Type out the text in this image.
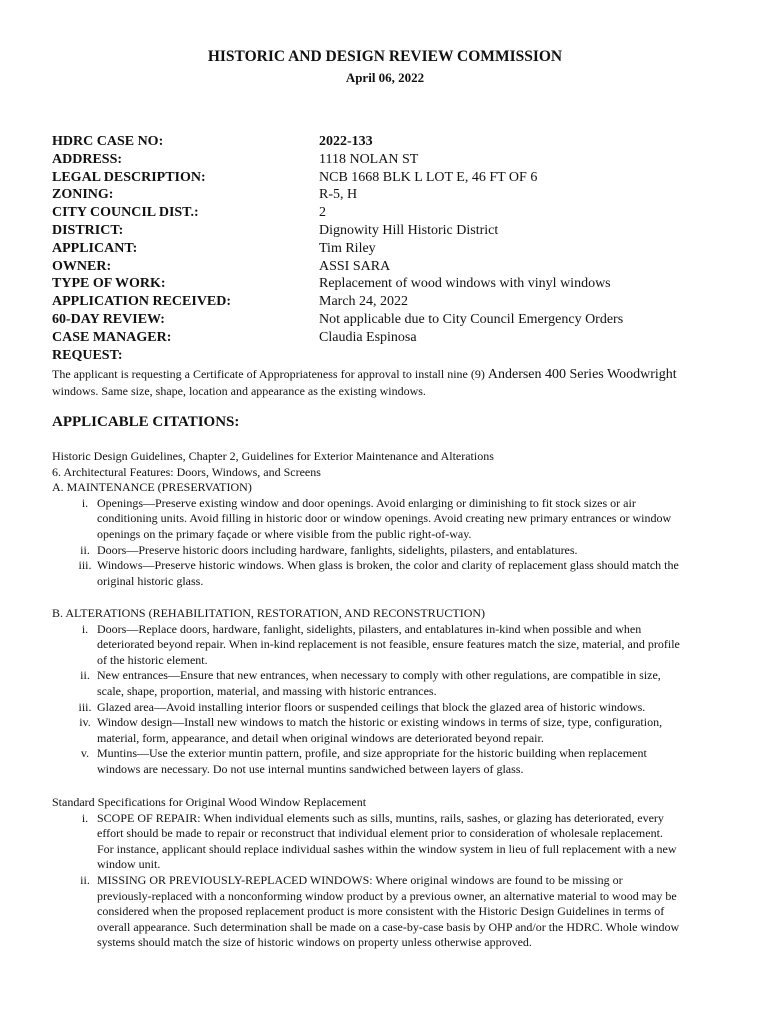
HISTORIC AND DESIGN REVIEW COMMISSION
April 06, 2022
HDRC CASE NO:	2022-133
ADDRESS:	1118 NOLAN ST
LEGAL DESCRIPTION:	NCB 1668 BLK L LOT E, 46 FT OF 6
ZONING:	R-5, H
CITY COUNCIL DIST.:	2
DISTRICT:	Dignowity Hill Historic District
APPLICANT:	Tim Riley
OWNER:	ASSI SARA
TYPE OF WORK:	Replacement of wood windows with vinyl windows
APPLICATION RECEIVED:	March 24, 2022
60-DAY REVIEW:	Not applicable due to City Council Emergency Orders
CASE MANAGER:	Claudia Espinosa
REQUEST:
The applicant is requesting a Certificate of Appropriateness for approval to install nine (9) Andersen 400 Series Woodwright
windows. Same size, shape, location and appearance as the existing windows.
APPLICABLE CITATIONS:
Historic Design Guidelines, Chapter 2, Guidelines for Exterior Maintenance and Alterations
6. Architectural Features: Doors, Windows, and Screens
A. MAINTENANCE (PRESERVATION)
i. Openings—Preserve existing window and door openings. Avoid enlarging or diminishing to fit stock sizes or air
conditioning units. Avoid filling in historic door or window openings. Avoid creating new primary entrances or window
openings on the primary façade or where visible from the public right-of-way.
ii. Doors—Preserve historic doors including hardware, fanlights, sidelights, pilasters, and entablatures.
iii. Windows—Preserve historic windows. When glass is broken, the color and clarity of replacement glass should match the
original historic glass.
B. ALTERATIONS (REHABILITATION, RESTORATION, AND RECONSTRUCTION)
i. Doors—Replace doors, hardware, fanlight, sidelights, pilasters, and entablatures in-kind when possible and when
deteriorated beyond repair. When in-kind replacement is not feasible, ensure features match the size, material, and profile
of the historic element.
ii. New entrances—Ensure that new entrances, when necessary to comply with other regulations, are compatible in size,
scale, shape, proportion, material, and massing with historic entrances.
iii. Glazed area—Avoid installing interior floors or suspended ceilings that block the glazed area of historic windows.
iv. Window design—Install new windows to match the historic or existing windows in terms of size, type, configuration,
material, form, appearance, and detail when original windows are deteriorated beyond repair.
v. Muntins—Use the exterior muntin pattern, profile, and size appropriate for the historic building when replacement
windows are necessary. Do not use internal muntins sandwiched between layers of glass.
Standard Specifications for Original Wood Window Replacement
i. SCOPE OF REPAIR: When individual elements such as sills, muntins, rails, sashes, or glazing has deteriorated, every
effort should be made to repair or reconstruct that individual element prior to consideration of wholesale replacement.
For instance, applicant should replace individual sashes within the window system in lieu of full replacement with a new
window unit.
ii. MISSING OR PREVIOUSLY-REPLACED WINDOWS: Where original windows are found to be missing or
previously-replaced with a nonconforming window product by a previous owner, an alternative material to wood may be
considered when the proposed replacement product is more consistent with the Historic Design Guidelines in terms of
overall appearance. Such determination shall be made on a case-by-case basis by OHP and/or the HDRC. Whole window
systems should match the size of historic windows on property unless otherwise approved.
